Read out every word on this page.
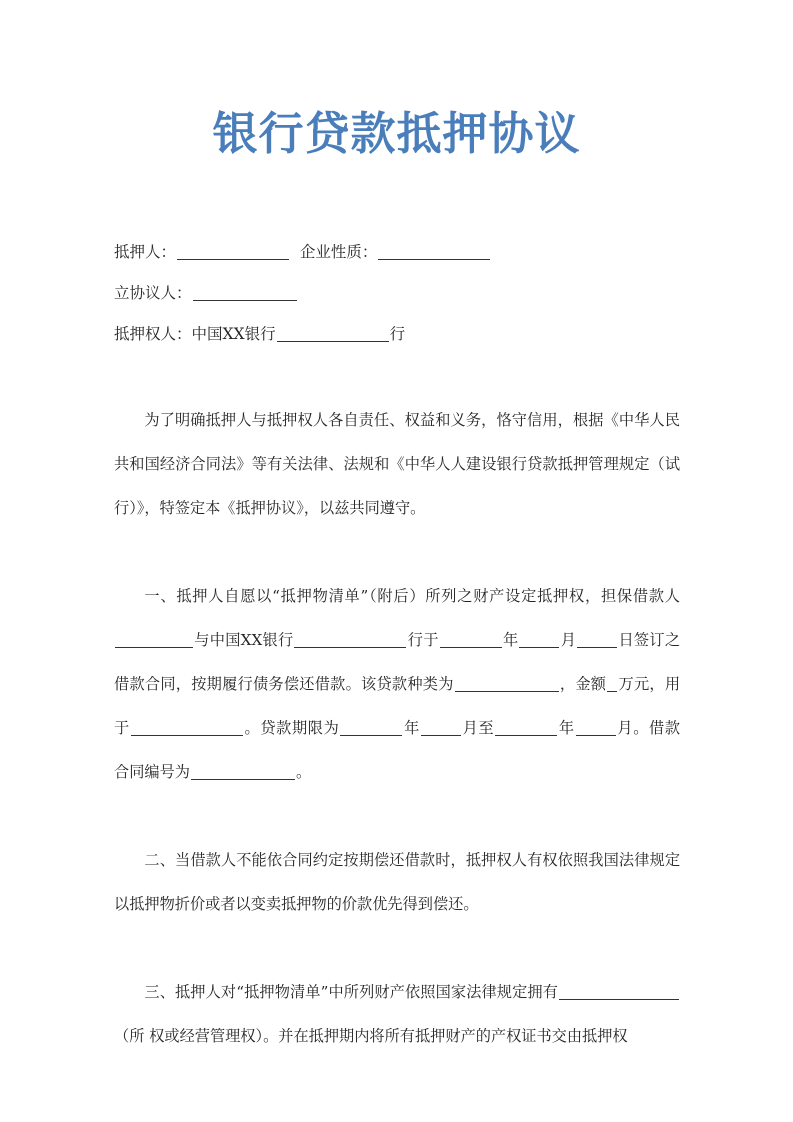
银行贷款抵押协议
抵押人：	企业性质：
立协议人：
抵押权人：中国XX银行	行

为了明确抵押人与抵押权人各自责任、权益和义务，恪守信用，根据《中华人民共和国经济合同法》等有关法律、法规和《中华人人建设银行贷款抵押管理规定（试行）》，特签定本《抵押协议》，以兹共同遵守。

一、抵押人自愿以“抵押物清单”（附后）所列之财产设定抵押权，担保借款人与中国XX银行	行于	年	月	日签订之借款合同，按期履行债务偿还借款。该贷款种类为	，金额 万元，用于	。贷款期限为	年	月至	年	月。借款合同编号为	。

二、当借款人不能依合同约定按期偿还借款时，抵押权人有权依照我国法律规定以抵押物折价或者以变卖抵押物的价款优先得到偿还。

三、抵押人对“抵押物清单”中所列财产依照国家法律规定拥有（所 权或经营管理权）。并在抵押期内将所有抵押财产的产权证书交由抵押权
